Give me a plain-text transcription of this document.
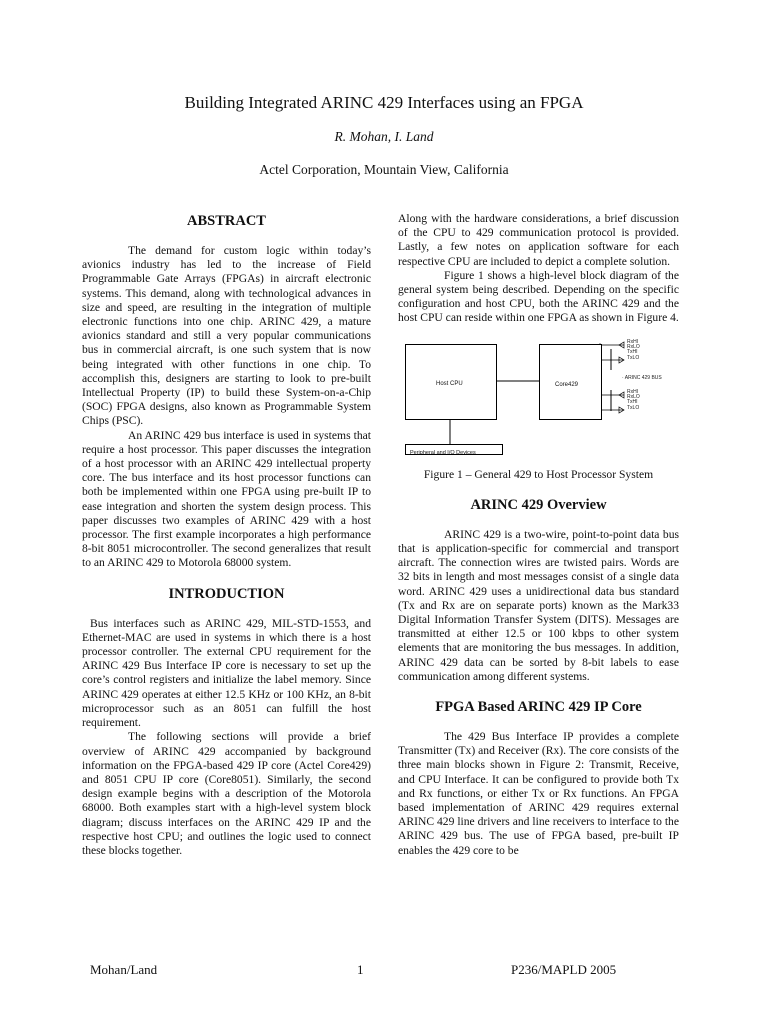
Building Integrated ARINC 429 Interfaces using an FPGA
R. Mohan, I. Land
Actel Corporation, Mountain View, California

ABSTRACT

The demand for custom logic within today’s avionics industry has led to the increase of Field Programmable Gate Arrays (FPGAs) in aircraft electronic systems. This demand, along with technological advances in size and speed, are resulting in the integration of multiple electronic functions into one chip. ARINC 429, a mature avionics standard and still a very popular communications bus in commercial aircraft, is one such system that is now being integrated with other functions in one chip. To accomplish this, designers are starting to look to pre-built Intellectual Property (IP) to build these System-on-a-Chip (SOC) FPGA designs, also known as Programmable System Chips (PSC).

An ARINC 429 bus interface is used in systems that require a host processor. This paper discusses the integration of a host processor with an ARINC 429 intellectual property core. The bus interface and its host processor functions can both be implemented within one FPGA using pre-built IP to ease integration and shorten the system design process. This paper discusses two examples of ARINC 429 with a host processor. The first example incorporates a high performance 8-bit 8051 microcontroller. The second generalizes that result to an ARINC 429 to Motorola 68000 system.

INTRODUCTION

Bus interfaces such as ARINC 429, MIL-STD-1553, and Ethernet-MAC are used in systems in which there is a host processor controller. The external CPU requirement for the ARINC 429 Bus Interface IP core is necessary to set up the core’s control registers and initialize the label memory. Since ARINC 429 operates at either 12.5 KHz or 100 KHz, an 8-bit microprocessor such as an 8051 can fulfill the host requirement.

The following sections will provide a brief overview of ARINC 429 accompanied by background information on the FPGA-based 429 IP core (Actel Core429) and 8051 CPU IP core (Core8051). Similarly, the second design example begins with a description of the Motorola 68000. Both examples start with a high-level system block diagram; discuss interfaces on the ARINC 429 IP and the respective host CPU; and outlines the logic used to connect these blocks together.

Along with the hardware considerations, a brief discussion of the CPU to 429 communication protocol is provided. Lastly, a few notes on application software for each respective CPU are included to depict a complete solution.

Figure 1 shows a high-level block diagram of the general system being described. Depending on the specific configuration and host CPU, both the ARINC 429 and the host CPU can reside within one FPGA as shown in Figure 4.

Host CPU	Core429
Peripheral and I/O Devices
RxHI
RxLO
TxHI
TxLO
· ARINC 429 BUS
RxHI
RxLO
TxHI
TxLO

Figure 1 – General 429 to Host Processor System

ARINC 429 Overview

ARINC 429 is a two-wire, point-to-point data bus that is application-specific for commercial and transport aircraft. The connection wires are twisted pairs. Words are 32 bits in length and most messages consist of a single data word. ARINC 429 uses a unidirectional data bus standard (Tx and Rx are on separate ports) known as the Mark33 Digital Information Transfer System (DITS). Messages are transmitted at either 12.5 or 100 kbps to other system elements that are monitoring the bus messages. In addition, ARINC 429 data can be sorted by 8-bit labels to ease communication among different systems.

FPGA Based ARINC 429 IP Core

The 429 Bus Interface IP provides a complete Transmitter (Tx) and Receiver (Rx). The core consists of the three main blocks shown in Figure 2: Transmit, Receive, and CPU Interface. It can be configured to provide both Tx and Rx functions, or either Tx or Rx functions. An FPGA based implementation of ARINC 429 requires external ARINC 429 line drivers and line receivers to interface to the ARINC 429 bus. The use of FPGA based, pre-built IP enables the 429 core to be

Mohan/Land	1	P236/MAPLD 2005
